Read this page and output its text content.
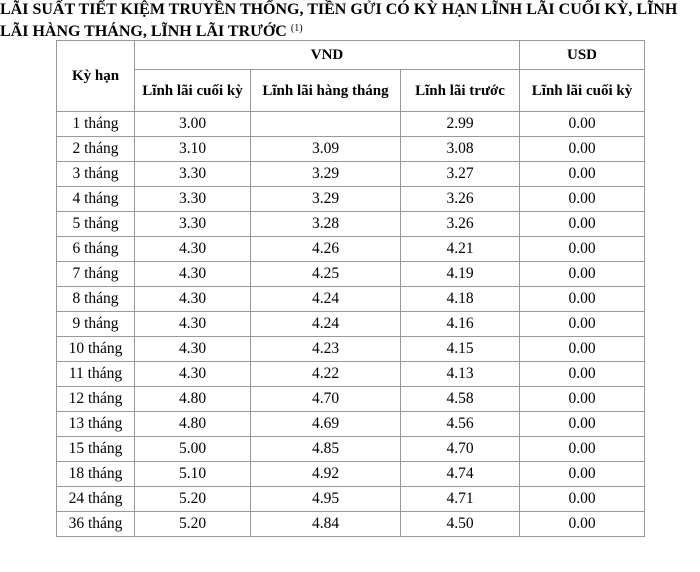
LÃI SUẤT TIẾT KIỆM TRUYỀN THỐNG, TIỀN GỬI CÓ KỲ HẠN LĨNH LÃI CUỐI KỲ, LĨNH
LÃI HÀNG THÁNG, LĨNH LÃI TRƯỚC $^{(1)}$
Kỳ hạn	VND			USD
	Lĩnh lãi cuối kỳ	Lĩnh lãi hàng tháng	Lĩnh lãi trước	Lĩnh lãi cuối kỳ
1 tháng	3.00		2.99	0.00
2 tháng	3.10	3.09	3.08	0.00
3 tháng	3.30	3.29	3.27	0.00
4 tháng	3.30	3.29	3.26	0.00
5 tháng	3.30	3.28	3.26	0.00
6 tháng	4.30	4.26	4.21	0.00
7 tháng	4.30	4.25	4.19	0.00
8 tháng	4.30	4.24	4.18	0.00
9 tháng	4.30	4.24	4.16	0.00
10 tháng	4.30	4.23	4.15	0.00
11 tháng	4.30	4.22	4.13	0.00
12 tháng	4.80	4.70	4.58	0.00
13 tháng	4.80	4.69	4.56	0.00
15 tháng	5.00	4.85	4.70	0.00
18 tháng	5.10	4.92	4.74	0.00
24 tháng	5.20	4.95	4.71	0.00
36 tháng	5.20	4.84	4.50	0.00
